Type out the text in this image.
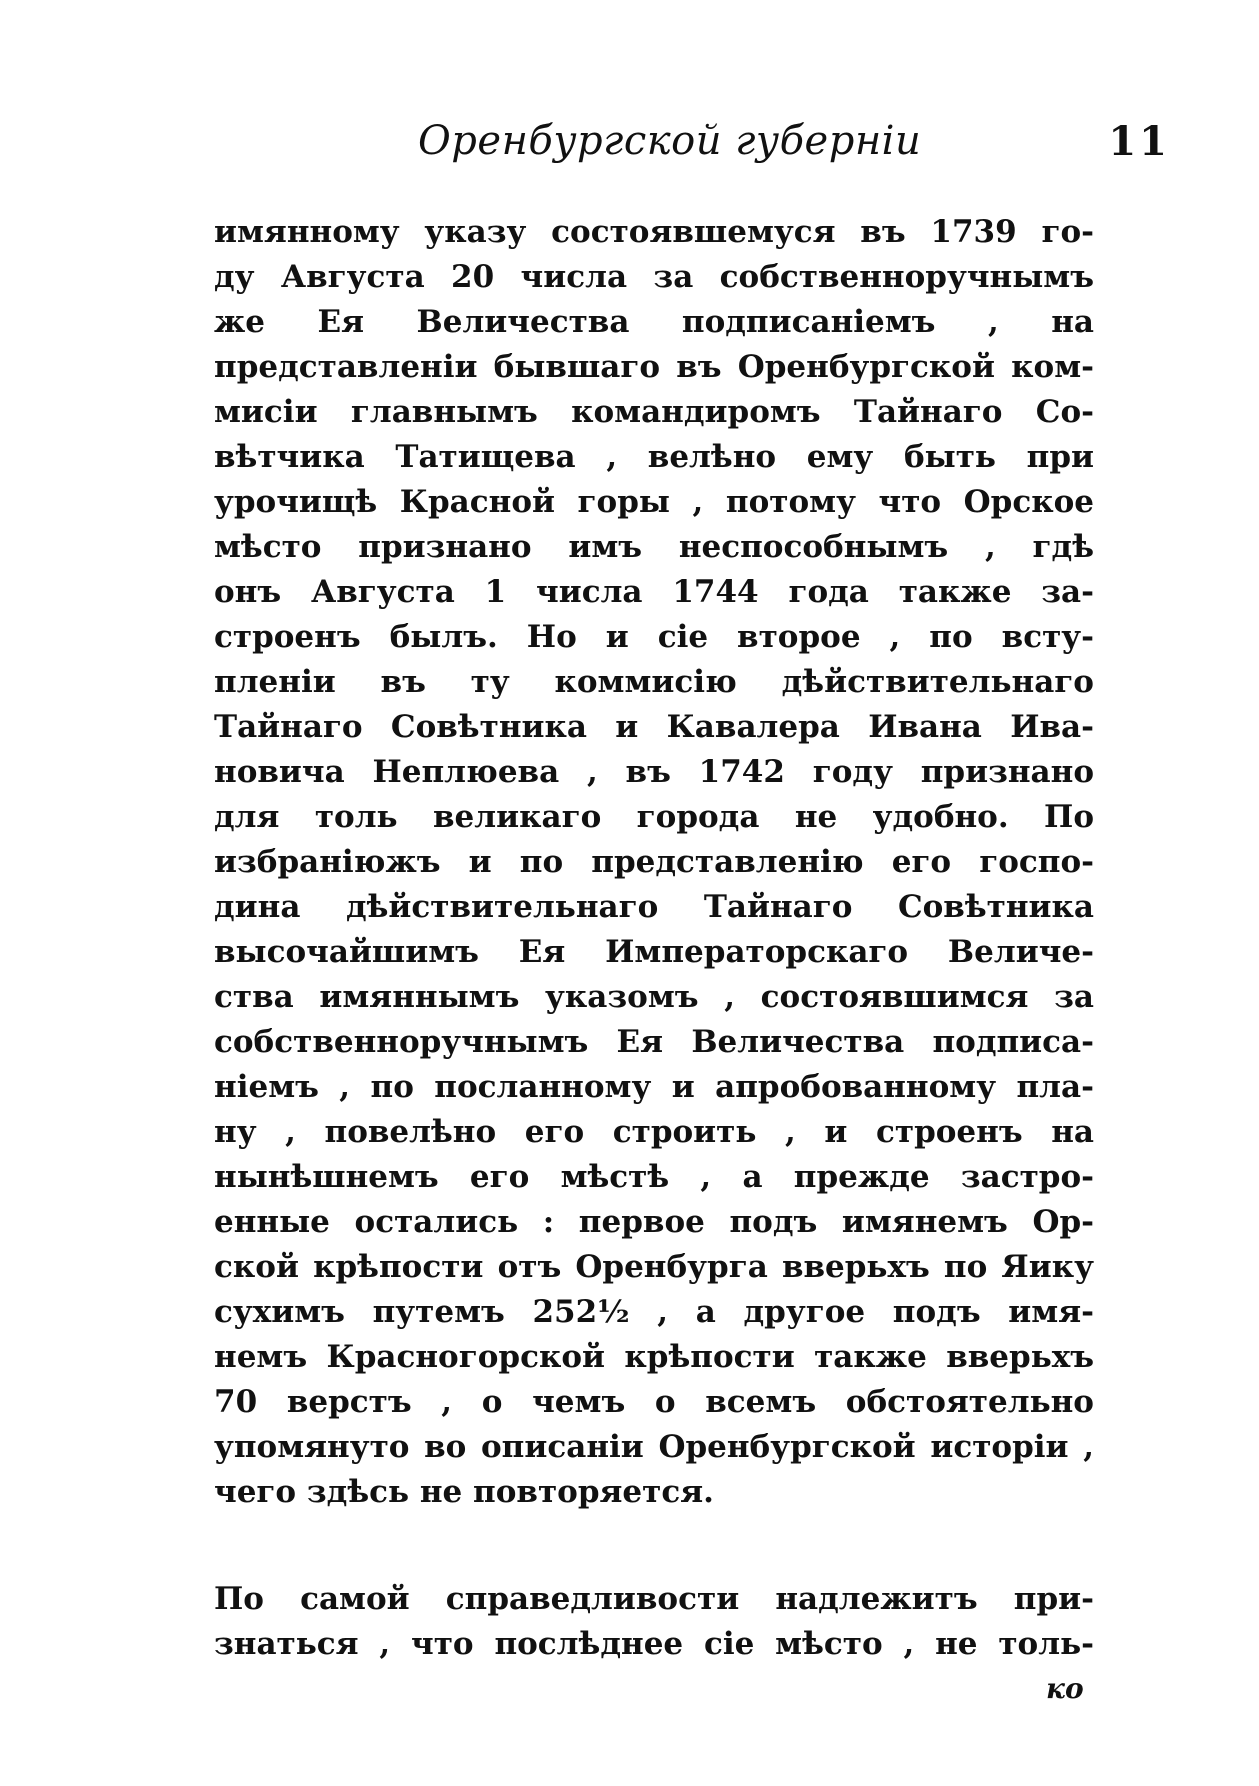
Оренбургской губернiи	11
имянному указу состоявшемуся въ 1739 го-
ду Августа 20 числа за собственноручнымъ
же Ея Величества подписанiемъ , на
представленiи бывшаго въ Оренбургской ком-
мисiи главнымъ командиромъ Тайнаго Со-
вѣтчика Татищева , велѣно ему быть при
урочищѣ Красной горы , потому что Орское
мѣсто признано имъ неспособнымъ , гдѣ
онъ Августа 1 числа 1744 года также за-
строенъ былъ. Но и сiе второе , по всту-
пленiи въ ту коммисiю дѣйствительнаго
Тайнаго Совѣтника и Кавалера Ивана Ива-
новича Неплюева , въ 1742 году признано
для толь великаго города не удобно. По
избранiюжъ и по представленiю его госпо-
дина дѣйствительнаго Тайнаго Совѣтника
высочайшимъ Ея Императорскаго Величе-
ства имяннымъ указомъ , состоявшимся за
собственноручнымъ Ея Величества подписа-
нiемъ , по посланному и апробованному пла-
ну , повелѣно его строить , и строенъ на
нынѣшнемъ его мѣстѣ , а прежде застро-
енные остались : первое подъ имянемъ Ор-
ской крѣпости отъ Оренбурга вверьхъ по Яику
сухимъ путемъ 252½ , а другое подъ имя-
немъ Красногорской крѣпости также вверьхъ
70 верстъ , о чемъ о всемъ обстоятельно
упомянуто во описанiи Оренбургской исторiи ,
чего здѣсь не повторяется.
По самой справедливости надлежитъ при-
знаться , что послѣднее сiе мѣсто , не толь-
ко
